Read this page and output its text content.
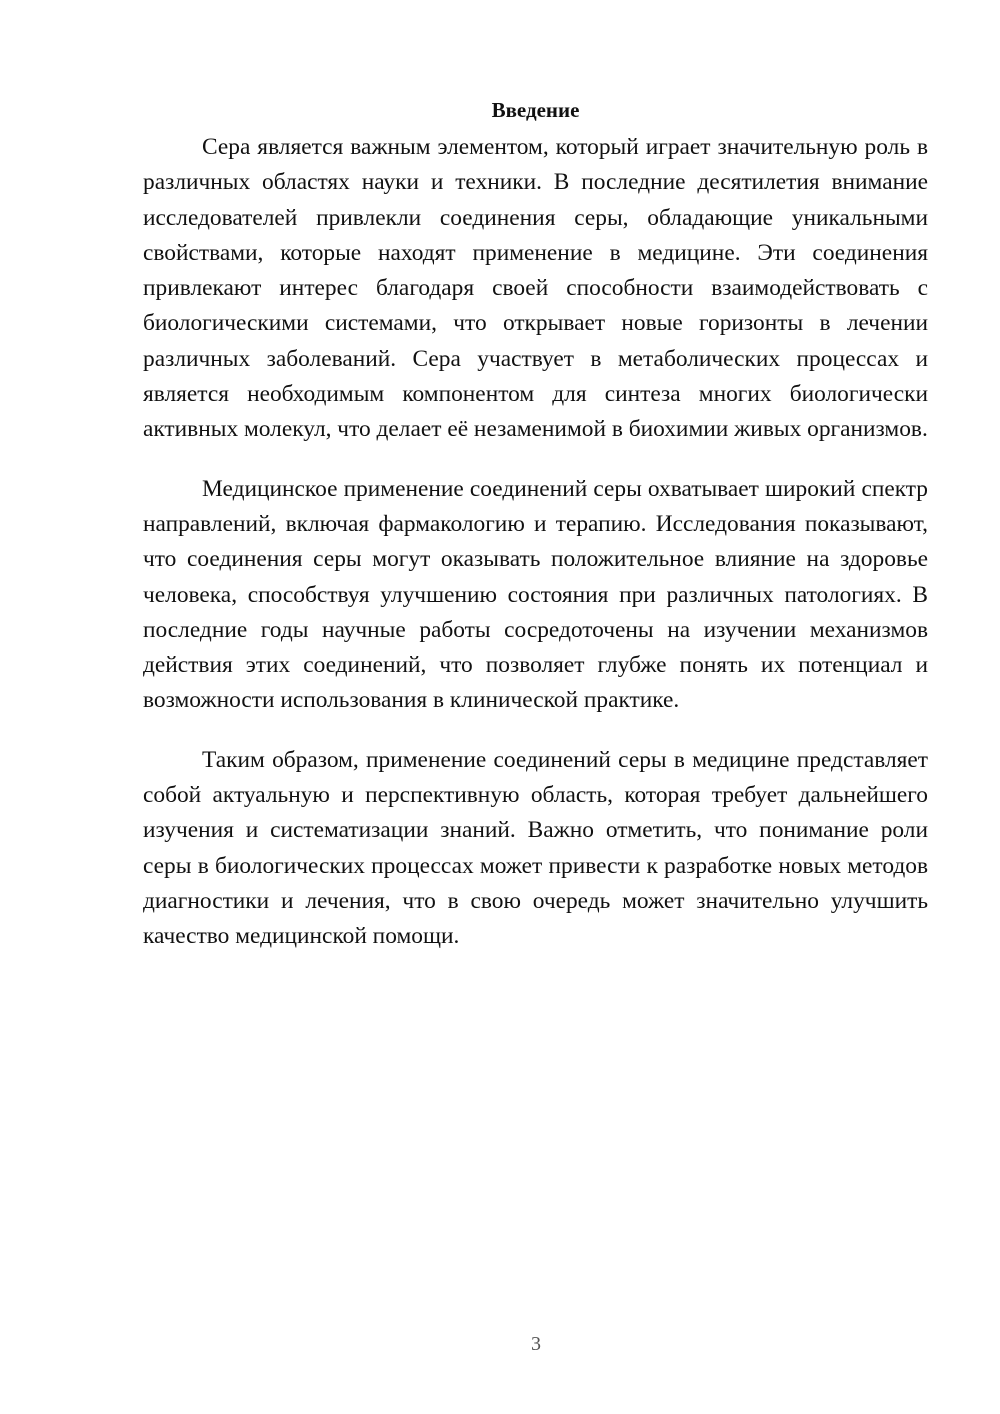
Введение

Сера является важным элементом, который играет значительную роль в различных областях науки и техники. В последние десятилетия внимание исследователей привлекли соединения серы, обладающие уникальными свойствами, которые находят применение в медицине. Эти соединения привлекают интерес благодаря своей способности взаимодействовать с биологическими системами, что открывает новые горизонты в лечении различных заболеваний. Сера участвует в метаболических процессах и является необходимым компонентом для синтеза многих биологически активных молекул, что делает её незаменимой в биохимии живых организмов.

Медицинское применение соединений серы охватывает широкий спектр направлений, включая фармакологию и терапию. Исследования показывают, что соединения серы могут оказывать положительное влияние на здоровье человека, способствуя улучшению состояния при различных патологиях. В последние годы научные работы сосредоточены на изучении механизмов действия этих соединений, что позволяет глубже понять их потенциал и возможности использования в клинической практике.

Таким образом, применение соединений серы в медицине представляет собой актуальную и перспективную область, которая требует дальнейшего изучения и систематизации знаний. Важно отметить, что понимание роли серы в биологических процессах может привести к разработке новых методов диагностики и лечения, что в свою очередь может значительно улучшить качество медицинской помощи.

3
